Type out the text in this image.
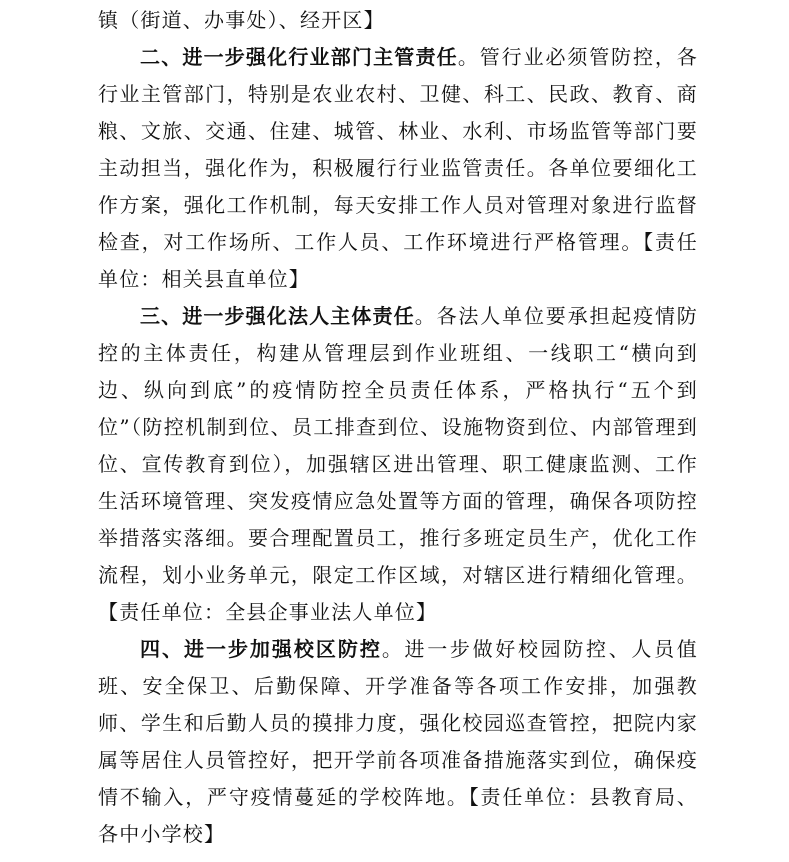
镇（街道、办事处）、经开区】

二、进一步强化行业部门主管责任。管行业必须管防控，各行业主管部门，特别是农业农村、卫健、科工、民政、教育、商粮、文旅、交通、住建、城管、林业、水利、市场监管等部门要主动担当，强化作为，积极履行行业监管责任。各单位要细化工作方案，强化工作机制，每天安排工作人员对管理对象进行监督检查，对工作场所、工作人员、工作环境进行严格管理。【责任单位：相关县直单位】

三、进一步强化法人主体责任。各法人单位要承担起疫情防控的主体责任，构建从管理层到作业班组、一线职工“横向到边、纵向到底”的疫情防控全员责任体系，严格执行“五个到位”（防控机制到位、员工排查到位、设施物资到位、内部管理到位、宣传教育到位），加强辖区进出管理、职工健康监测、工作生活环境管理、突发疫情应急处置等方面的管理，确保各项防控举措落实落细。要合理配置员工，推行多班定员生产，优化工作流程，划小业务单元，限定工作区域，对辖区进行精细化管理。【责任单位：全县企事业法人单位】

四、进一步加强校区防控。进一步做好校园防控、人员值班、安全保卫、后勤保障、开学准备等各项工作安排，加强教师、学生和后勤人员的摸排力度，强化校园巡查管控，把院内家属等居住人员管控好，把开学前各项准备措施落实到位，确保疫情不输入，严守疫情蔓延的学校阵地。【责任单位：县教育局、各中小学校】
